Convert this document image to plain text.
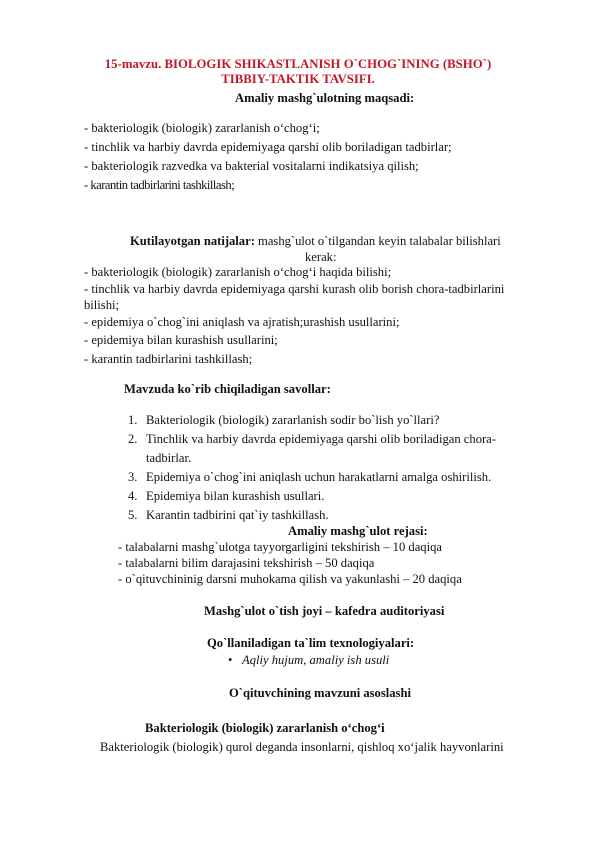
15-mavzu. BIOLOGIK SHIKASTLANISH O`CHOG`INING (BSHO`)
TIBBIY-TAKTIK TAVSIFI.
Amaliy mashg`ulotning maqsadi:
- bakteriologik (biologik) zararlanish o‘chog‘i;
- tinchlik va harbiy davrda epidemiyaga qarshi olib boriladigan tadbirlar;
- bakteriologik razvedka va bakterial vositalarni indikatsiya qilish;
- karantin tadbirlarini tashkillash;
Kutilayotgan natijalar: mashg`ulot o`tilgandan keyin talabalar bilishlari
kerak:
- bakteriologik (biologik) zararlanish o‘chog‘i haqida bilishi;
- tinchlik va harbiy davrda epidemiyaga qarshi kurash olib borish chora-tadbirlarini
bilishi;
- epidemiya o`chog`ini aniqlash va ajratish;urashish usullarini;
- epidemiya bilan kurashish usullarini;
- karantin tadbirlarini tashkillash;
Mavzuda ko`rib chiqiladigan savollar:
1. Bakteriologik (biologik) zararlanish sodir bo`lish yo`llari?
2. Tinchlik va harbiy davrda epidemiyaga qarshi olib boriladigan chora-
tadbirlar.
3. Epidemiya o`chog`ini aniqlash uchun harakatlarni amalga oshirilish.
4. Epidemiya bilan kurashish usullari.
5. Karantin tadbirini qat`iy tashkillash.
Amaliy mashg`ulot rejasi:
- talabalarni mashg`ulotga tayyorgarligini tekshirish – 10 daqiqa
- talabalarni bilim darajasini tekshirish – 50 daqiqa
- o`qituvchininig darsni muhokama qilish va yakunlashi – 20 daqiqa
Mashg`ulot o`tish joyi – kafedra auditoriyasi
Qo`llaniladigan ta`lim texnologiyalari:
• Aqliy hujum, amaliy ish usuli
O`qituvchining mavzuni asoslashi
Bakteriologik (biologik) zararlanish o‘chog‘i
Bakteriologik (biologik) qurol deganda insonlarni, qishloq xo‘jalik hayvonlarini
